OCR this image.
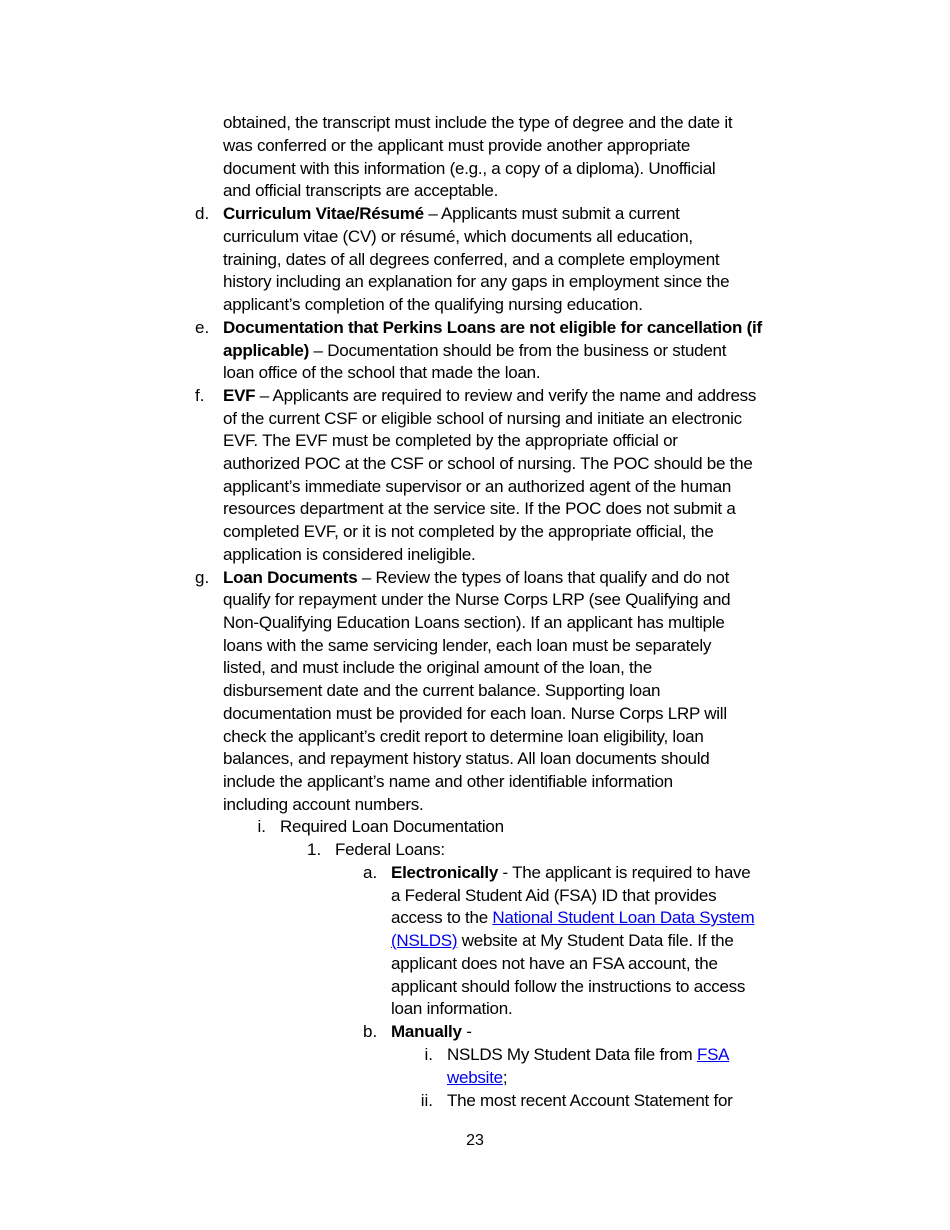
obtained, the transcript must include the type of degree and the date it
was conferred or the applicant must provide another appropriate
document with this information (e.g., a copy of a diploma). Unofficial
and official transcripts are acceptable.
d. Curriculum Vitae/Résumé – Applicants must submit a current
curriculum vitae (CV) or résumé, which documents all education,
training, dates of all degrees conferred, and a complete employment
history including an explanation for any gaps in employment since the
applicant’s completion of the qualifying nursing education.
e. Documentation that Perkins Loans are not eligible for cancellation (if
applicable) – Documentation should be from the business or student
loan office of the school that made the loan.
f. EVF – Applicants are required to review and verify the name and address
of the current CSF or eligible school of nursing and initiate an electronic
EVF. The EVF must be completed by the appropriate official or
authorized POC at the CSF or school of nursing. The POC should be the
applicant’s immediate supervisor or an authorized agent of the human
resources department at the service site. If the POC does not submit a
completed EVF, or it is not completed by the appropriate official, the
application is considered ineligible.
g. Loan Documents – Review the types of loans that qualify and do not
qualify for repayment under the Nurse Corps LRP (see Qualifying and
Non-Qualifying Education Loans section). If an applicant has multiple
loans with the same servicing lender, each loan must be separately
listed, and must include the original amount of the loan, the
disbursement date and the current balance. Supporting loan
documentation must be provided for each loan. Nurse Corps LRP will
check the applicant’s credit report to determine loan eligibility, loan
balances, and repayment history status. All loan documents should
include the applicant’s name and other identifiable information
including account numbers.
i. Required Loan Documentation
1. Federal Loans:
a. Electronically - The applicant is required to have
a Federal Student Aid (FSA) ID that provides
access to the National Student Loan Data System
(NSLDS) website at My Student Data file. If the
applicant does not have an FSA account, the
applicant should follow the instructions to access
loan information.
b. Manually -
i. NSLDS My Student Data file from FSA
website;
ii. The most recent Account Statement for
23
